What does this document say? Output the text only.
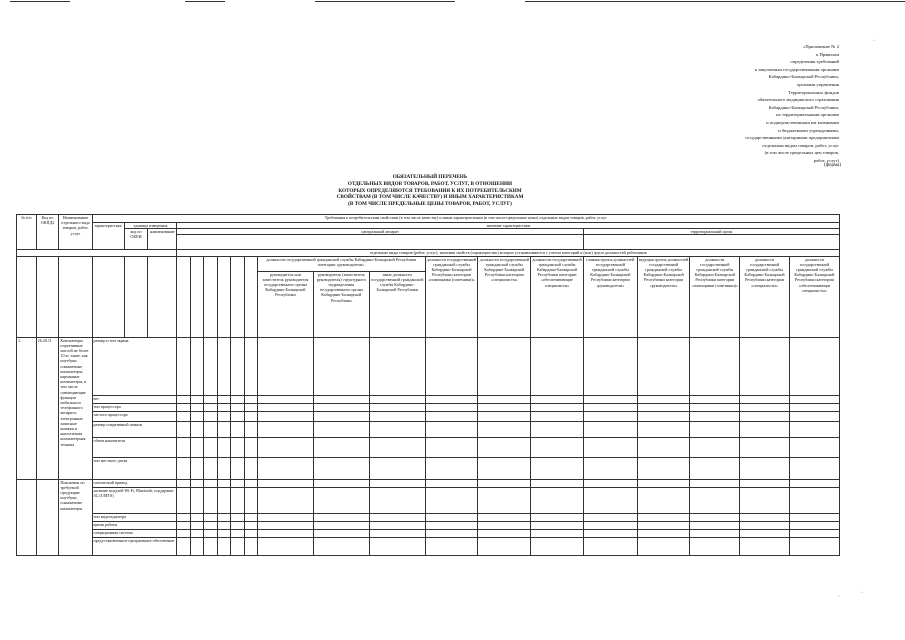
«Приложение № 2
к Правилам
определения требований
к закупаемым государственными органами
Кабардино-Балкарской Республики,
органами управления
Территориальных фондов
обязательного медицинского страхования
Кабардино-Балкарской Республики,
их территориальными органами
и подведомственными им казенными
и бюджетными учреждениями,
государственными унитарными предприятиями
отдельным видам товаров, работ, услуг
(в том числе предельных цен товаров,
работ, услуг)
(форма)
ОБЯЗАТЕЛЬНЫЙ ПЕРЕЧЕНЬ
ОТДЕЛЬНЫХ ВИДОВ ТОВАРОВ, РАБОТ, УСЛУГ, В ОТНОШЕНИИ
КОТОРЫХ ОПРЕДЕЛЯЮТСЯ ТРЕБОВАНИЯ К ИХ ПОТРЕБИТЕЛЬСКИМ
СВОЙСТВАМ (В ТОМ ЧИСЛЕ КАЧЕСТВУ) И ИНЫМ ХАРАКТЕРИСТИКАМ
(В ТОМ ЧИСЛЕ ПРЕДЕЛЬНЫЕ ЦЕНЫ ТОВАРОВ, РАБОТ, УСЛУГ)
№ п/п	Код по ОКПД2	Наименование отдельного вида товаров, работ, услуг	Требования к потребительским свойствам (в том числе качеству) и иным характеристикам (в том числе предельные цены) отдельных видов товаров, работ, услуг																			
			характеристика	единица измерения		значение характеристики																
				код по ОКЕИ	наименование	центральный аппарат												территориальный орган				

						отдельные виды товаров (работ, услуг), значения свойств (характеристик) которых устанавливаются с учетом категорий и (или) групп должностей работников																
												должности государственной гражданской службы Кабардино-Балкарской Республики категории «руководители»			должности государственной гражданской службы Кабардино-Балкарской Республики категории «помощники (советники)»	должности государственной гражданской службы Кабардино-Балкарской Республики категории «специалисты»	должности государственной гражданской службы Кабардино-Балкарской Республики категории «обеспечивающие специалисты»	главная группа должностей государственной гражданской службы Кабардино-Балкарской Республики категории «руководители»	ведущая группа должностей государственной гражданской службы Кабардино-Балкарской Республики категории «руководители»	должности государственной гражданской службы Кабардино-Балкарской Республики категории «помощники (советники)»	должности государственной гражданской службы Кабардино-Балкарской Республики категории «специалисты»	должности государственной гражданской службы Кабардино-Балкарской Республики категории «обеспечивающие специалисты»
												руководитель или заместитель руководителя государственного органа Кабардино-Балкарской Республики	руководитель (заместитель руководителя) структурного подразделения государственного органа Кабардино-Балкарской Республики	иные должности государственной гражданской службы Кабардино-Балкарской Республики								
1.	26.20.11	Компьютеры портативные массой не более 10 кг такие, как ноутбуки, планшетные компьютеры, карманные компьютеры, в том числе совмещающие функции мобильного телефонного аппарата, электронные записные книжки и аналогичная компьютерная техника	размер и тип экрана																			
			вес																			
			тип процессора																			
			частота процессора																			
			размер оперативной памяти																			
			объем накопителя																			
			тип жесткого диска																			
		Пояснения по требуемой продукции: ноутбуки, планшетные компьютеры	оптический привод																			
			наличие модулей Wi-Fi, Bluetooth, поддержки 3G (UMTS)																			
			тип видеоадаптера																			
			время работы																			
			операционная система																			
			предустановленное программное обеспечение																			
·
·
·
